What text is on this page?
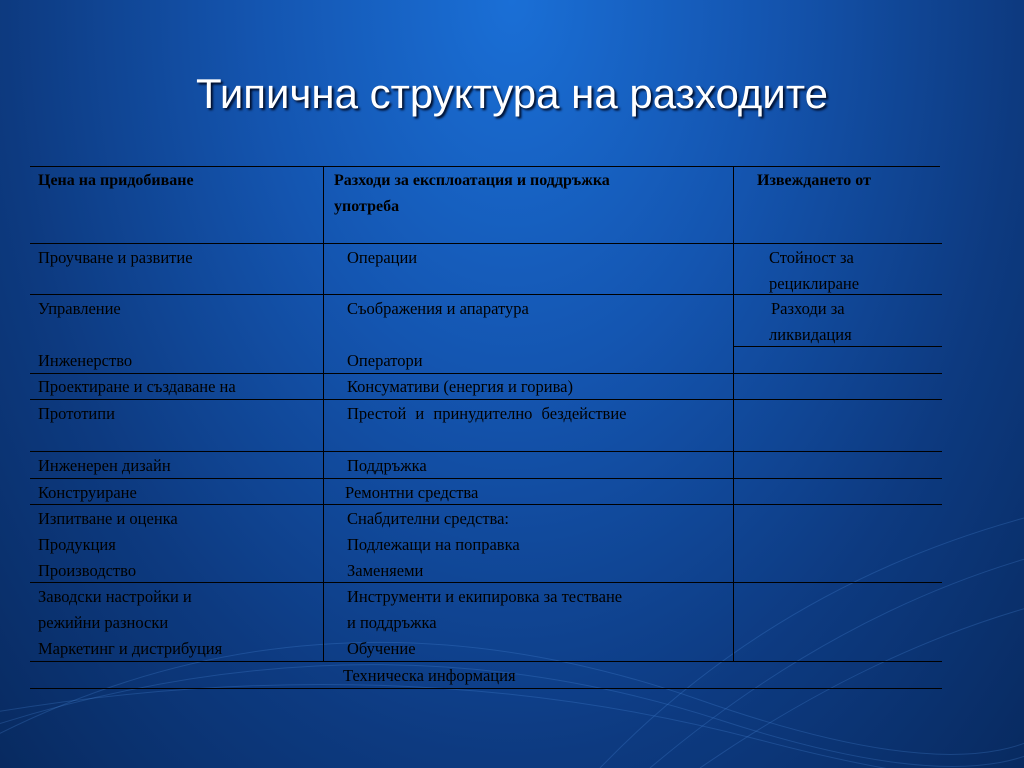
Типична структура на разходите
Цена на придобиване	Разходи за експлоатация и поддръжка
употреба
Извеждането от
Проучване и развитие
Управление
Инженерство
Проектиране и създаване на
Прототипи
Инженерен дизайн
Конструиране
Изпитване и оценка
Продукция
Производство
Заводски настройки и
режийни разноски
Маркетинг и дистрибуция
Операции
Съображения и апаратура
Оператори
Консумативи (енергия и горива)
Престой и принудително бездействие
Поддръжка
Ремонтни средства
Снабдителни средства:
Подлежащи на поправка
Заменяеми
Инструменти и екипировка за тестване
и поддръжка
Обучение
Техническа информация
Стойност за
рециклиране
Разходи за
ликвидация
